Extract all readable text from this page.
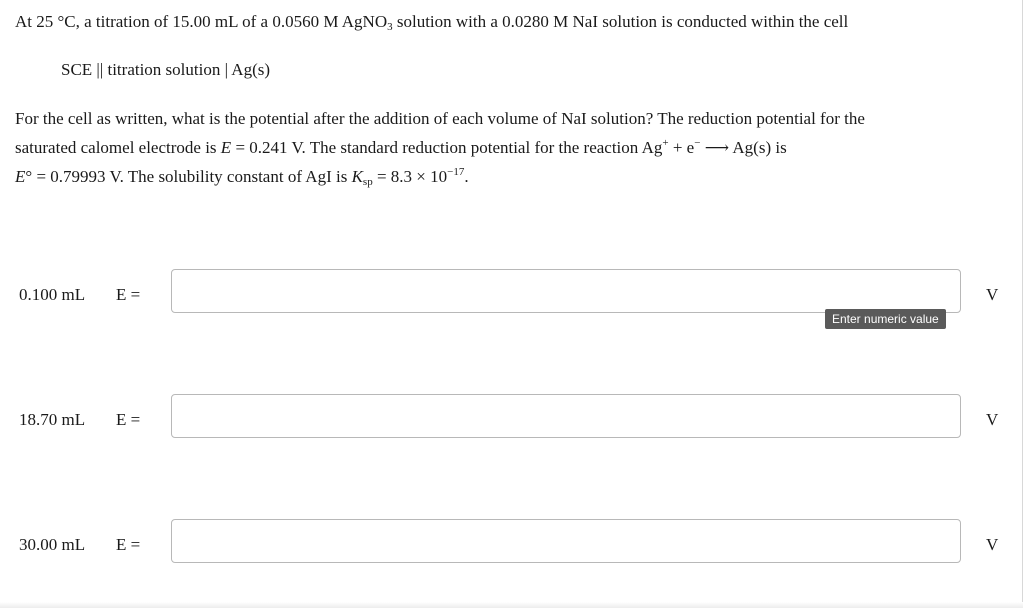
At 25 °C, a titration of 15.00 mL of a 0.0560 M AgNO$_3$ solution with a 0.0280 M NaI solution is conducted within the cell
SCE || titration solution | Ag(s)
For the cell as written, what is the potential after the addition of each volume of NaI solution? The reduction potential for the
saturated calomel electrode is E = 0.241 V. The standard reduction potential for the reaction Ag+ + e− ⟶ Ag(s) is
E° = 0.79993 V. The solubility constant of AgI is $K_{sp} = 8.3 \times 10^{-17}$.
0.100 mL E =	V
Enter numeric value
18.70 mL E =	V
30.00 mL E =	V
